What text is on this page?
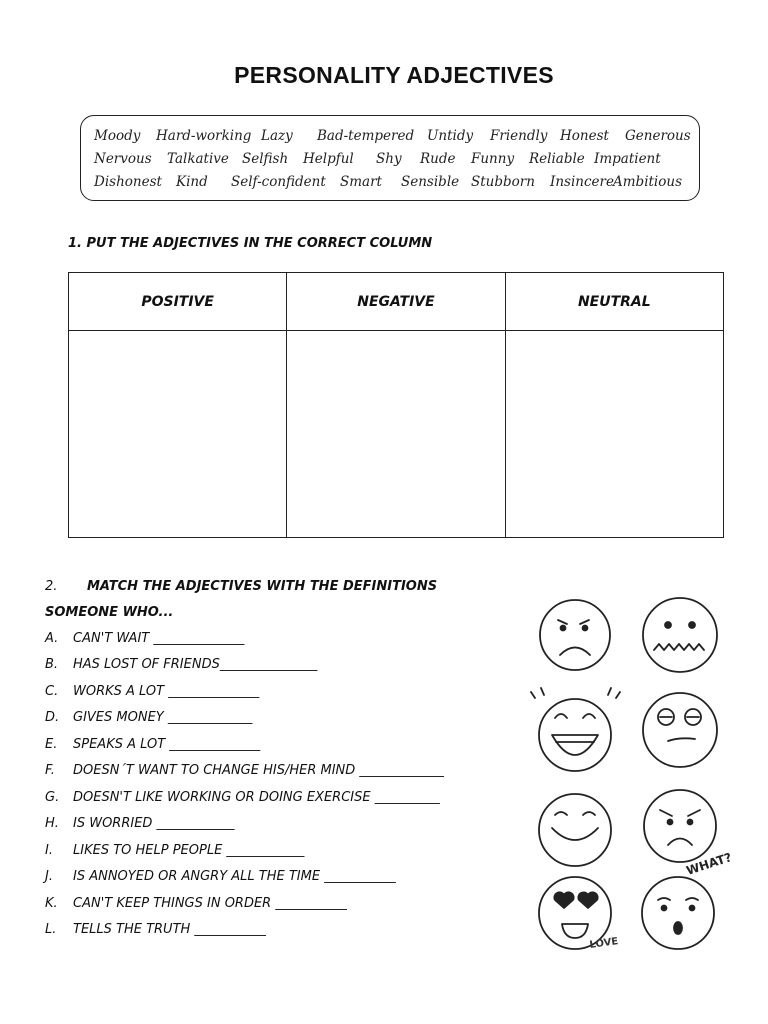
PERSONALITY ADJECTIVES
Moody Hard-working Lazy Bad-tempered Untidy Friendly Honest Generous
Nervous Talkative Selfish Helpful Shy Rude Funny Reliable Impatient
Dishonest Kind Self-confident Smart Sensible Stubborn Insincere Ambitious
1. PUT THE ADJECTIVES IN THE CORRECT COLUMN
POSITIVE	NEGATIVE	NEUTRAL

2. MATCH THE ADJECTIVES WITH THE DEFINITIONS
SOMEONE WHO...
A. CAN'T WAIT ______________
B. HAS LOST OF FRIENDS_______________
C. WORKS A LOT ______________
D. GIVES MONEY _____________
E. SPEAKS A LOT ______________
F. DOESN´T WANT TO CHANGE HIS/HER MIND _____________
G. DOESN'T LIKE WORKING OR DOING EXERCISE __________
H. IS WORRIED ____________
I. LIKES TO HELP PEOPLE ____________
J. IS ANNOYED OR ANGRY ALL THE TIME ___________
K. CAN'T KEEP THINGS IN ORDER ___________
L. TELLS THE TRUTH ___________
LOVE
WHAT?
